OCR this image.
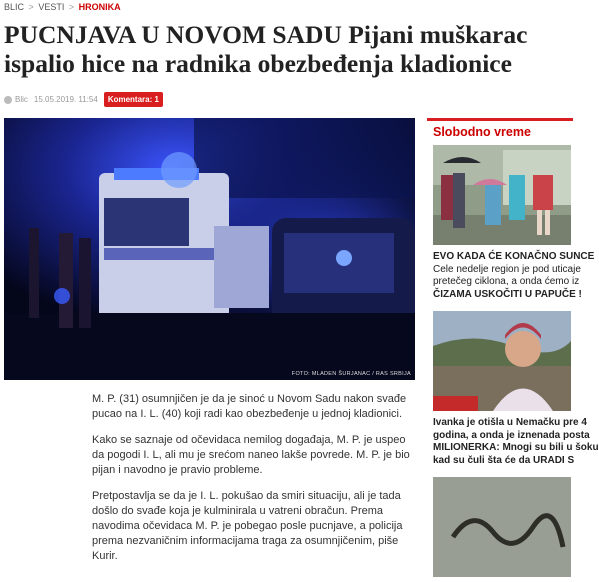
BLIC > VESTI > HRONIKA
PUCNJAVA U NOVOM SADU Pijani muškarac ispalio hice na radnika obezbeđenja kladionice
Blic 15.05.2019. 11:54	Komentara: 1
FOTO: MLADEN ŠURJANAC / RAS SRBIJA

M. P. (31) osumnjičen je da je sinoć u Novom Sadu nakon svađe pucao na I. L. (40) koji radi kao obezbeđenje u jednoj kladionici.

Kako se saznaje od očevidaca nemilog događaja, M. P. je uspeo da pogodi I. L, ali mu je srećom naneo lakše povrede. M. P. je bio pijan i navodno je pravio probleme.

Pretpostavlja se da je I. L. pokušao da smiri situaciju, ali je tada došlo do svađe koja je kulminirala u vatreni obračun. Prema navodima očevidaca M. P. je pobegao posle pucnjave, a policija prema nezvaničnim informacijama traga za osumnjičenim, piše Kurir.

Slobodno vreme
EVO KADA ĆE KONAČNO SUNCE
Cele nedelje region je pod uticaje
pretečeg ciklona, a onda ćemo iz
ČIZAMA USKOČITI U PAPUČE !
Ivanka je otišla u Nemačku pre 4
godina, a onda je iznenada posta
MILIONERKA: Mnogi su bili u šoku
kad su čuli šta će da URADI S
